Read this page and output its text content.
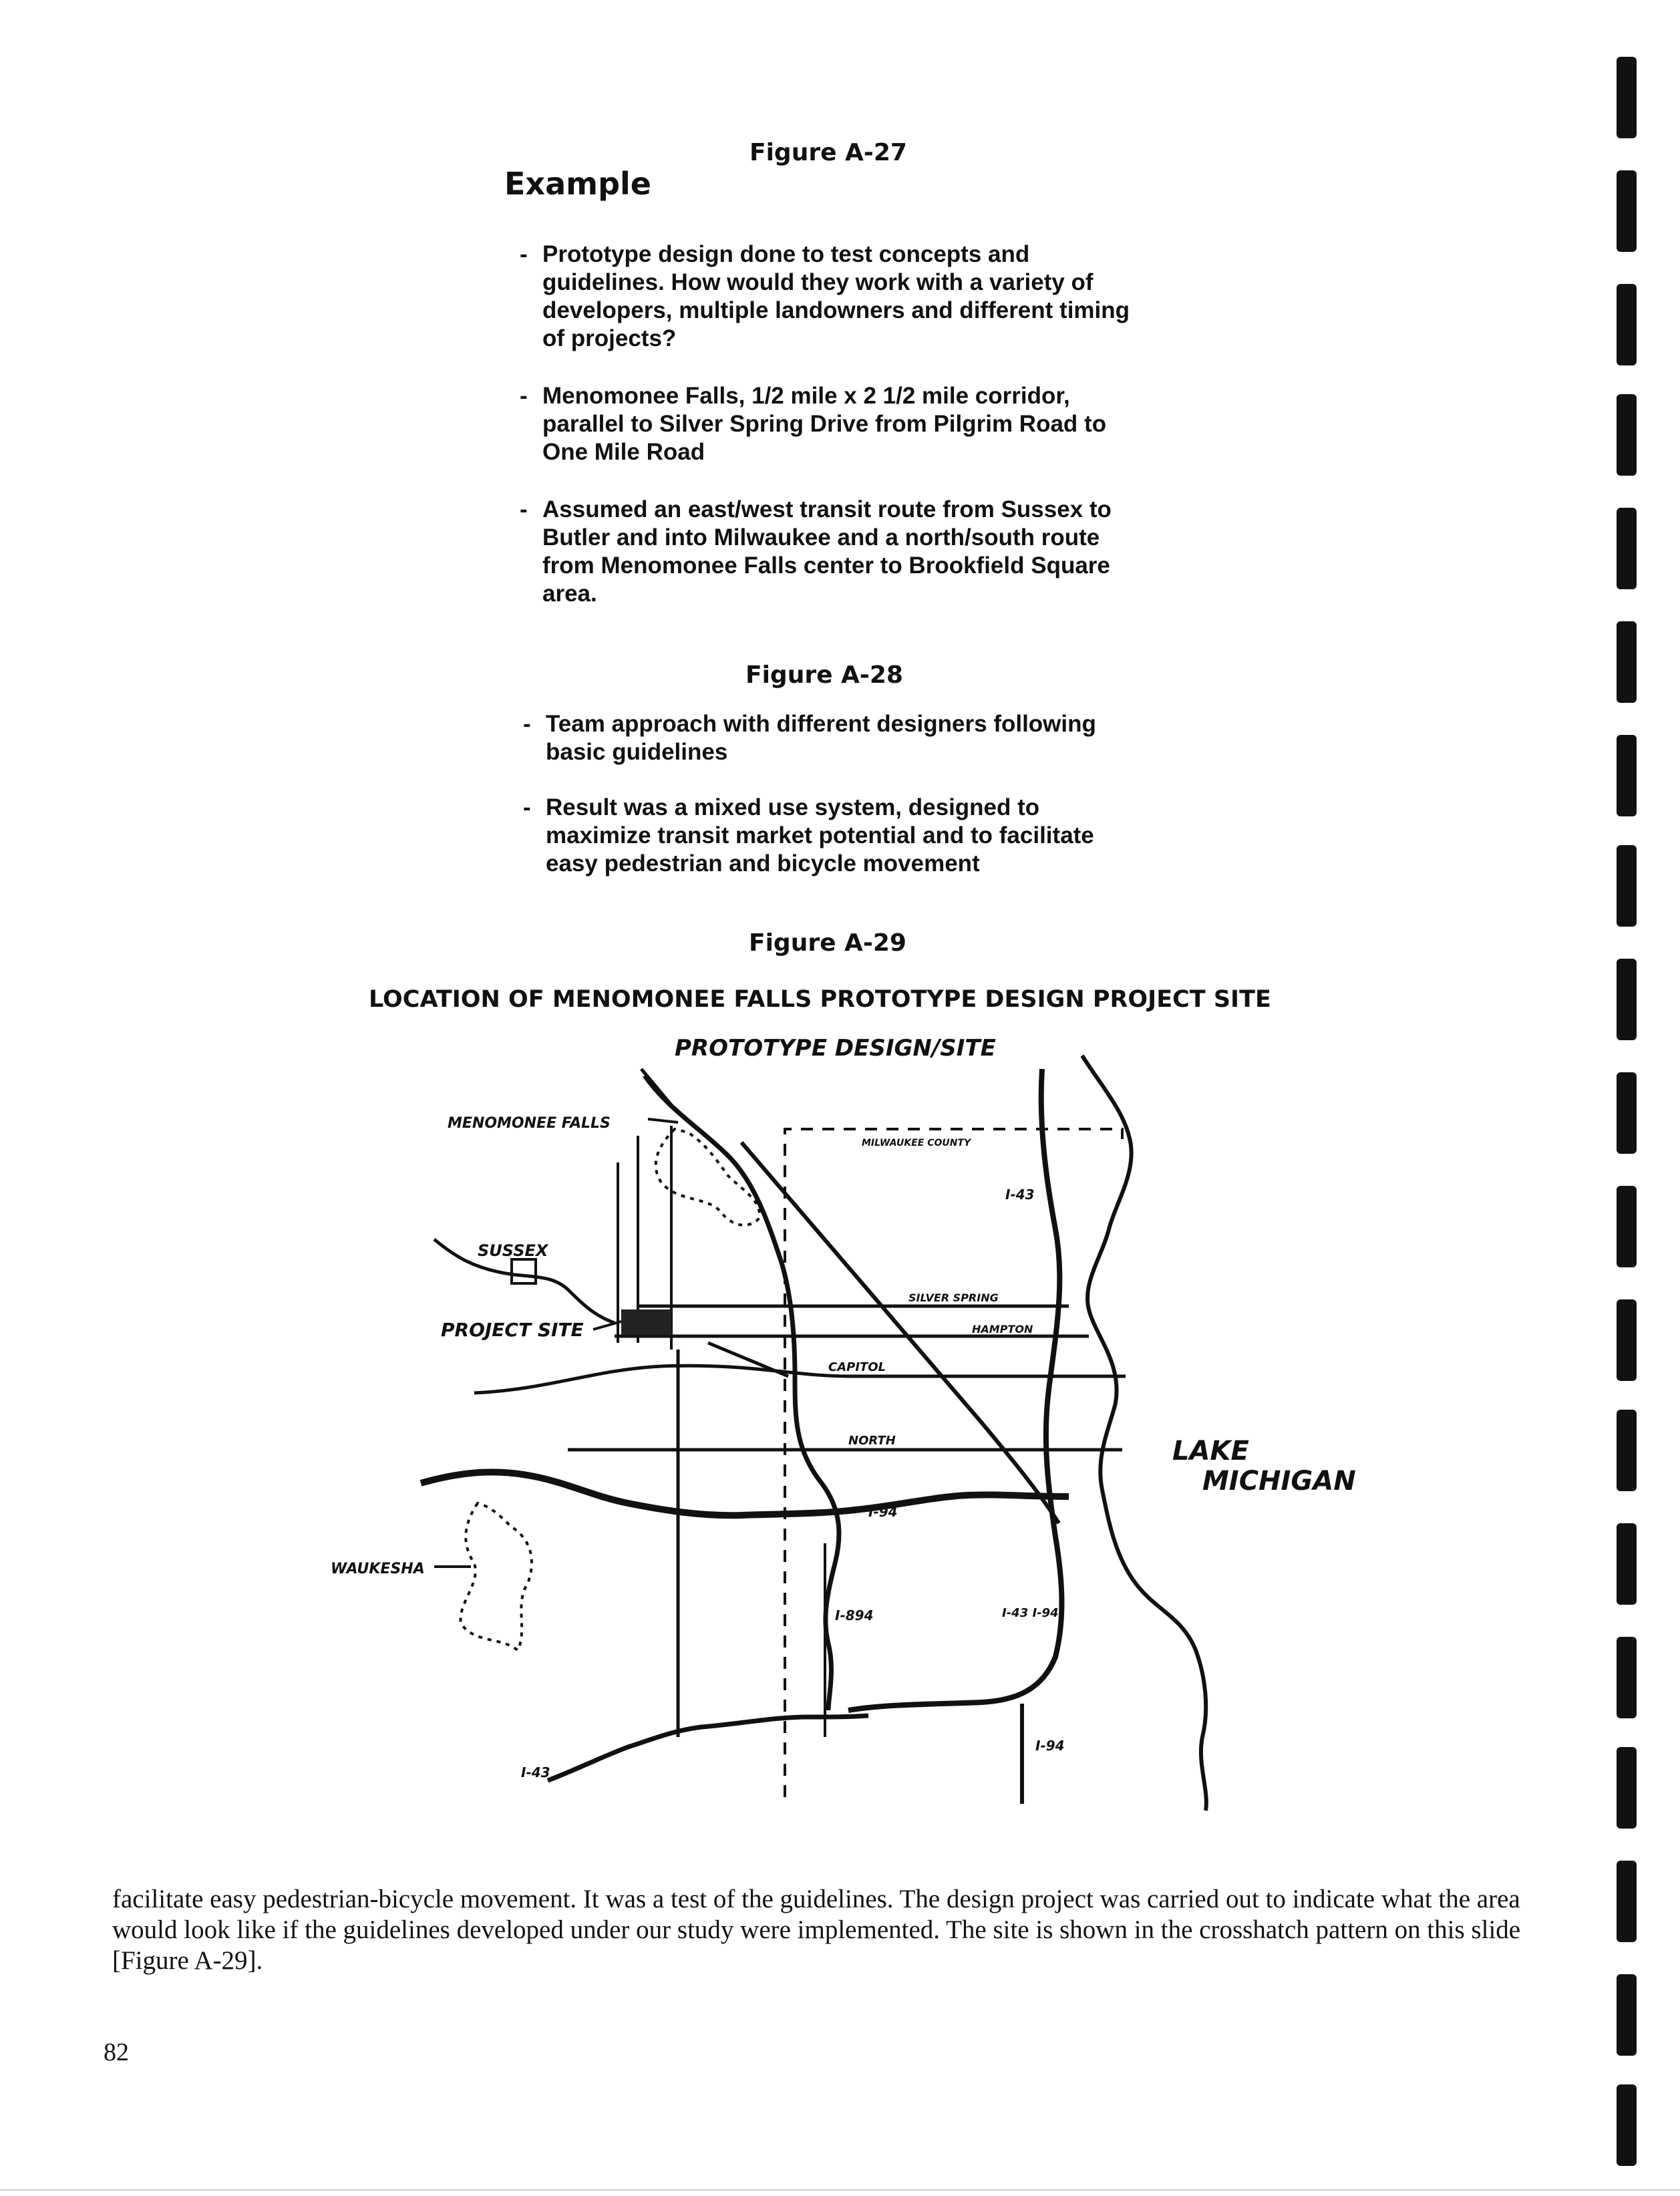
Figure A-27
Example
- Prototype design done to test concepts and guidelines. How would they work with a variety of developers, multiple landowners and different timing of projects?
- Menomonee Falls, 1/2 mile x 2 1/2 mile corridor, parallel to Silver Spring Drive from Pilgrim Road to One Mile Road
- Assumed an east/west transit route from Sussex to Butler and into Milwaukee and a north/south route from Menomonee Falls center to Brookfield Square area.
Figure A-28
- Team approach with different designers following basic guidelines
- Result was a mixed use system, designed to maximize transit market potential and to facilitate easy pedestrian and bicycle movement
Figure A-29
LOCATION OF MENOMONEE FALLS PROTOTYPE DESIGN PROJECT SITE
PROTOTYPE DESIGN/SITE
MENOMONEE FALLS
SUSSEX
PROJECT SITE
MILWAUKEE COUNTY
I-43
SILVER SPRING
HAMPTON
CAPITOL
NORTH
I-94
I-894	I-43 I-94
I-94
I-43
WAUKESHA
LAKE
MICHIGAN
facilitate easy pedestrian-bicycle movement. It was a test of the guidelines. The design project was carried out to indicate what the area would look like if the guidelines developed under our study were implemented. The site is shown in the crosshatch pattern on this slide [Figure A-29].
82
